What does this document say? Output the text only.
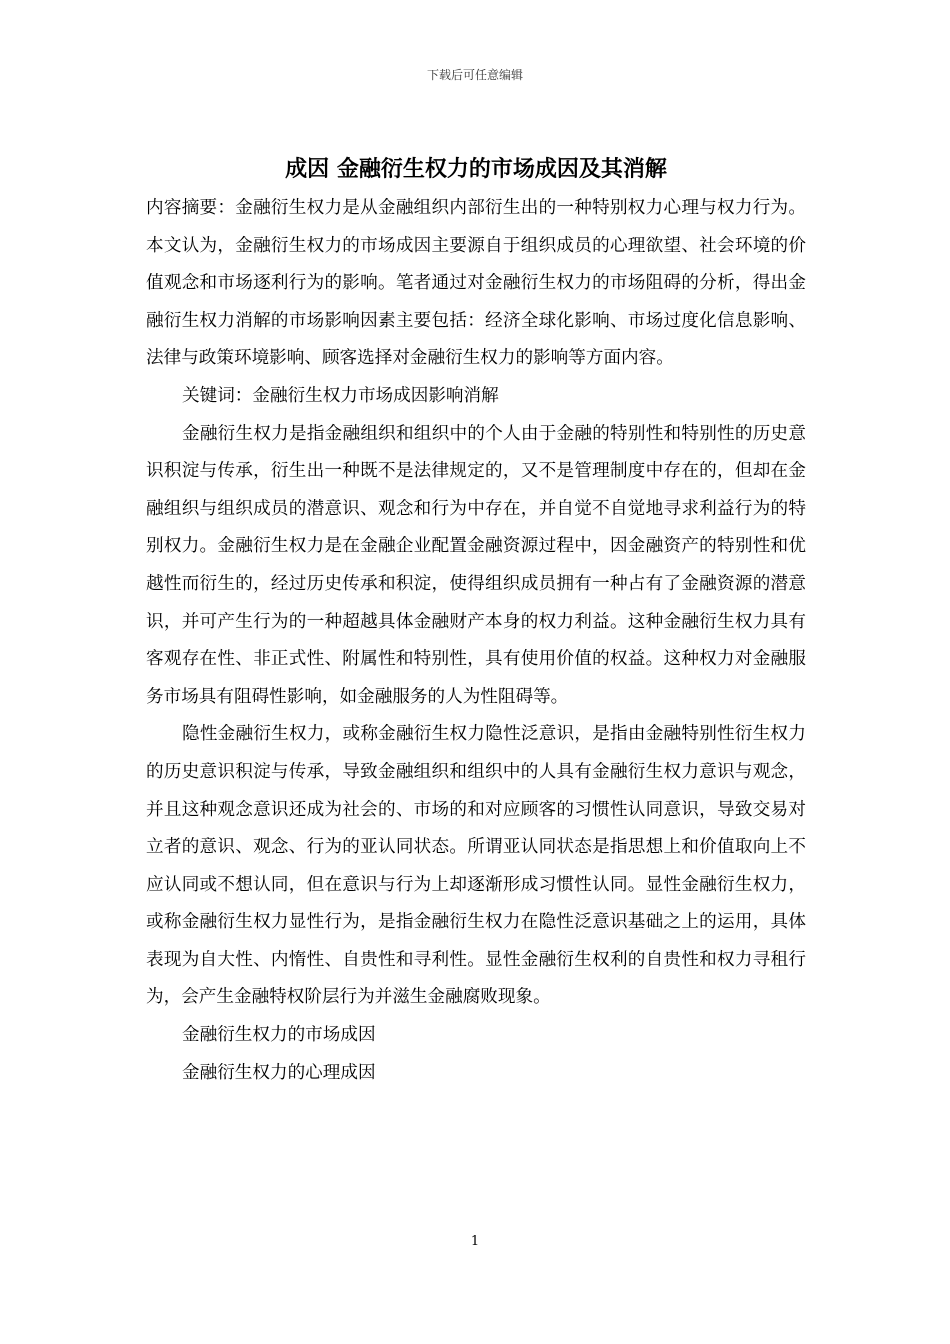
下载后可任意编辑
成因 金融衍生权力的市场成因及其消解

内容摘要：金融衍生权力是从金融组织内部衍生出的一种特别权力心理与权力行为。本文认为，金融衍生权力的市场成因主要源自于组织成员的心理欲望、社会环境的价值观念和市场逐利行为的影响。笔者通过对金融衍生权力的市场阻碍的分析，得出金融衍生权力消解的市场影响因素主要包括：经济全球化影响、市场过度化信息影响、法律与政策环境影响、顾客选择对金融衍生权力的影响等方面内容。

关键词：金融衍生权力市场成因影响消解

金融衍生权力是指金融组织和组织中的个人由于金融的特别性和特别性的历史意识积淀与传承，衍生出一种既不是法律规定的，又不是管理制度中存在的，但却在金融组织与组织成员的潜意识、观念和行为中存在，并自觉不自觉地寻求利益行为的特别权力。金融衍生权力是在金融企业配置金融资源过程中，因金融资产的特别性和优越性而衍生的，经过历史传承和积淀，使得组织成员拥有一种占有了金融资源的潜意识，并可产生行为的一种超越具体金融财产本身的权力利益。这种金融衍生权力具有客观存在性、非正式性、附属性和特别性，具有使用价值的权益。这种权力对金融服务市场具有阻碍性影响，如金融服务的人为性阻碍等。

隐性金融衍生权力，或称金融衍生权力隐性泛意识，是指由金融特别性衍生权力的历史意识积淀与传承，导致金融组织和组织中的人具有金融衍生权力意识与观念，并且这种观念意识还成为社会的、市场的和对应顾客的习惯性认同意识，导致交易对立者的意识、观念、行为的亚认同状态。所谓亚认同状态是指思想上和价值取向上不应认同或不想认同，但在意识与行为上却逐渐形成习惯性认同。显性金融衍生权力，或称金融衍生权力显性行为，是指金融衍生权力在隐性泛意识基础之上的运用，具体表现为自大性、内惰性、自贵性和寻利性。显性金融衍生权利的自贵性和权力寻租行为，会产生金融特权阶层行为并滋生金融腐败现象。

金融衍生权力的市场成因

金融衍生权力的心理成因

1
